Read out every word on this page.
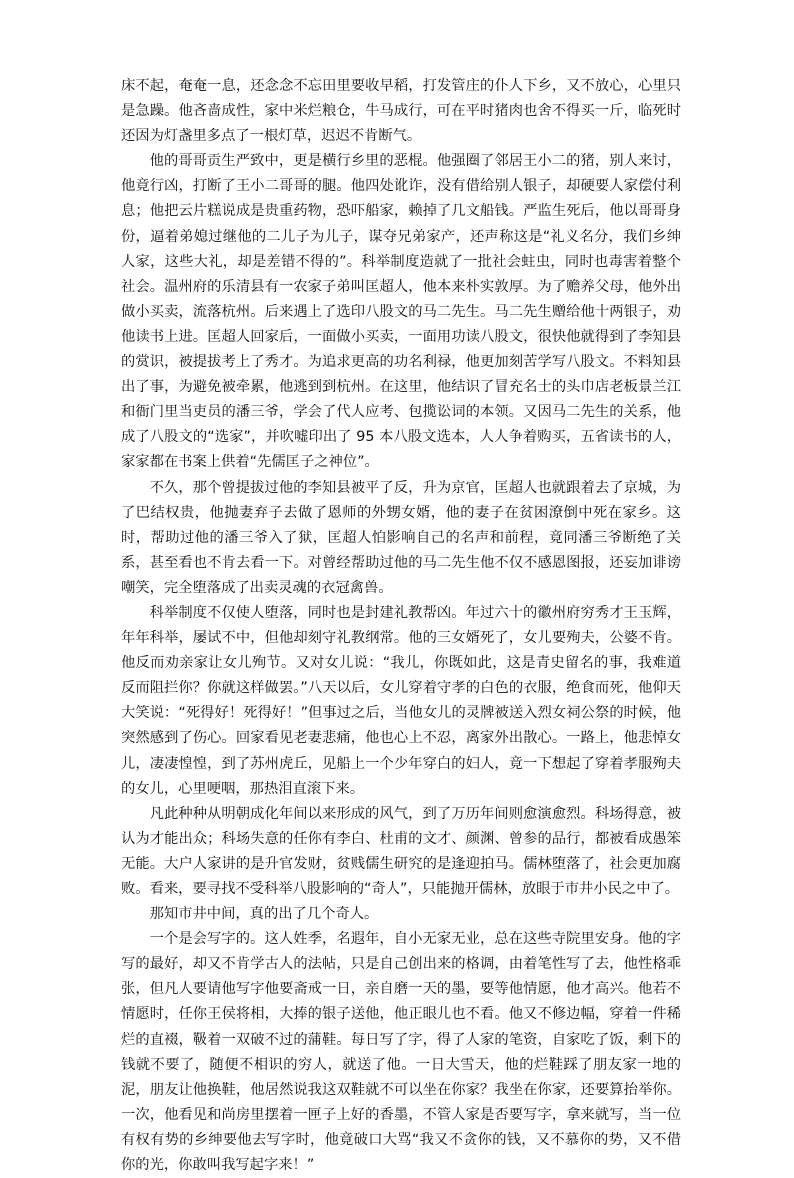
床不起，奄奄一息，还念念不忘田里要收早稻，打发管庄的仆人下乡，又不放心，心里只是急躁。他吝啬成性，家中米烂粮仓，牛马成行，可在平时猪肉也舍不得买一斤，临死时还因为灯盏里多点了一根灯草，迟迟不肯断气。

他的哥哥贡生严致中，更是横行乡里的恶棍。他强圈了邻居王小二的猪，别人来讨，他竟行凶，打断了王小二哥哥的腿。他四处讹诈，没有借给别人银子，却硬要人家偿付利息；他把云片糕说成是贵重药物，恐吓船家，赖掉了几文船钱。严监生死后，他以哥哥身份，逼着弟媳过继他的二儿子为儿子，谋夺兄弟家产，还声称这是“礼义名分，我们乡绅人家，这些大礼，却是差错不得的”。科举制度造就了一批社会蛀虫，同时也毒害着整个社会。温州府的乐清县有一农家子弟叫匡超人，他本来朴实敦厚。为了赡养父母，他外出做小买卖，流落杭州。后来遇上了选印八股文的马二先生。马二先生赠给他十两银子，劝他读书上进。匡超人回家后，一面做小买卖，一面用功读八股文，很快他就得到了李知县的赏识，被提拔考上了秀才。为追求更高的功名利禄，他更加刻苦学写八股文。不料知县出了事，为避免被牵累，他逃到到杭州。在这里，他结识了冒充名士的头巾店老板景兰江和衙门里当吏员的潘三爷，学会了代人应考、包揽讼词的本领。又因马二先生的关系，他成了八股文的“选家”，并吹嘘印出了 95 本八股文选本，人人争着购买，五省读书的人，家家都在书案上供着“先儒匡子之神位”。

不久，那个曾提拔过他的李知县被平了反，升为京官，匡超人也就跟着去了京城，为了巴结权贵，他抛妻弃子去做了恩师的外甥女婿，他的妻子在贫困潦倒中死在家乡。这时，帮助过他的潘三爷入了狱，匡超人怕影响自己的名声和前程，竟同潘三爷断绝了关系，甚至看也不肯去看一下。对曾经帮助过他的马二先生他不仅不感恩图报，还妄加诽谤嘲笑，完全堕落成了出卖灵魂的衣冠禽兽。

科举制度不仅使人堕落，同时也是封建礼教帮凶。年过六十的徽州府穷秀才王玉辉，年年科举，屡试不中，但他却刻守礼教纲常。他的三女婿死了，女儿要殉夫，公婆不肯。他反而劝亲家让女儿殉节。又对女儿说：“我儿，你既如此，这是青史留名的事，我难道反而阻拦你？你就这样做罢。”八天以后，女儿穿着守孝的白色的衣服，绝食而死，他仰天大笑说：“死得好！死得好！”但事过之后，当他女儿的灵牌被送入烈女祠公祭的时候，他突然感到了伤心。回家看见老妻悲痛，他也心上不忍，离家外出散心。一路上，他悲悼女儿，凄凄惶惶，到了苏州虎丘，见船上一个少年穿白的妇人，竟一下想起了穿着孝服殉夫的女儿，心里哽咽，那热泪直滚下来。

凡此种种从明朝成化年间以来形成的风气，到了万历年间则愈演愈烈。科场得意，被认为才能出众；科场失意的任你有李白、杜甫的文才、颜渊、曾参的品行，都被看成愚笨无能。大户人家讲的是升官发财，贫贱儒生研究的是逢迎拍马。儒林堕落了，社会更加腐败。看来，要寻找不受科举八股影响的“奇人”，只能抛开儒林，放眼于市井小民之中了。

那知市井中间，真的出了几个奇人。

一个是会写字的。这人姓季，名遐年，自小无家无业，总在这些寺院里安身。他的字写的最好，却又不肯学古人的法帖，只是自己创出来的格调，由着笔性写了去，他性格乖张，但凡人要请他写字他要斋戒一日，亲自磨一天的墨，要等他情愿，他才高兴。他若不情愿时，任你王侯将相，大捧的银子送他，他正眼儿也不看。他又不修边幅，穿着一件稀烂的直裰，靸着一双破不过的蒲鞋。每日写了字，得了人家的笔资，自家吃了饭，剩下的钱就不要了，随便不相识的穷人，就送了他。一日大雪天，他的烂鞋踩了朋友家一地的泥，朋友让他换鞋，他居然说我这双鞋就不可以坐在你家？我坐在你家，还要算抬举你。一次，他看见和尚房里摆着一匣子上好的香墨，不管人家是否要写字，拿来就写，当一位有权有势的乡绅要他去写字时，他竟破口大骂“我又不贪你的钱，又不慕你的势，又不借你的光，你敢叫我写起字来！”
